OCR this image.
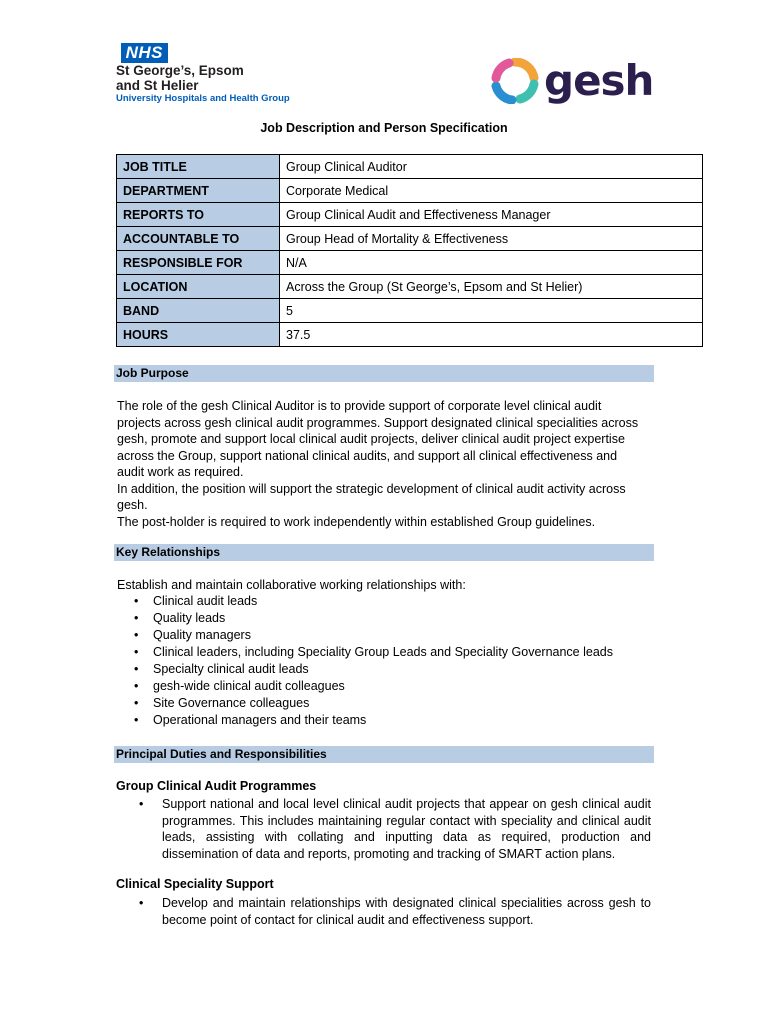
NHS
St George’s, Epsom
and St Helier
University Hospitals and Health Group	gesh
Job Description and Person Specification
JOB TITLE	Group Clinical Auditor
DEPARTMENT	Corporate Medical
REPORTS TO	Group Clinical Audit and Effectiveness Manager
ACCOUNTABLE TO	Group Head of Mortality & Effectiveness
RESPONSIBLE FOR	N/A
LOCATION	Across the Group (St George’s, Epsom and St Helier)
BAND	5
HOURS	37.5
Job Purpose

The role of the gesh Clinical Auditor is to provide support of corporate level clinical audit projects across gesh clinical audit programmes. Support designated clinical specialities across gesh, promote and support local clinical audit projects, deliver clinical audit project expertise across the Group, support national clinical audits, and support all clinical effectiveness and audit work as required.

In addition, the position will support the strategic development of clinical audit activity across gesh.

The post-holder is required to work independently within established Group guidelines.

Key Relationships
Establish and maintain collaborative working relationships with:
• Clinical audit leads
• Quality leads
• Quality managers
• Clinical leaders, including Speciality Group Leads and Speciality Governance leads
• Specialty clinical audit leads
• gesh-wide clinical audit colleagues
• Site Governance colleagues
• Operational managers and their teams
Principal Duties and Responsibilities
Group Clinical Audit Programmes
• Support national and local level clinical audit projects that appear on gesh clinical audit programmes. This includes maintaining regular contact with speciality and clinical audit leads, assisting with collating and inputting data as required, production and dissemination of data and reports, promoting and tracking of SMART action plans.
Clinical Speciality Support
• Develop and maintain relationships with designated clinical specialities across gesh to become point of contact for clinical audit and effectiveness support.
